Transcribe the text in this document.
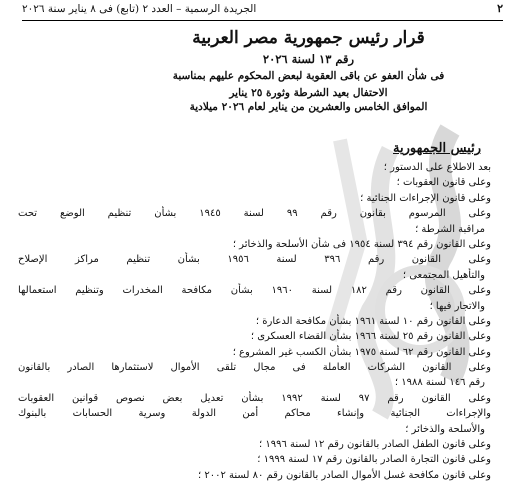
٢
الجريدة الرسمية – العدد ٢ (تابع) فى ٨ يناير سنة ٢٠٢٦
قرار رئيس جمهورية مصر العربية
رقم ١٣ لسنة ٢٠٢٦
فى شأن العفو عن باقى العقوبة لبعض المحكوم عليهم بمناسبة
الاحتفال بعيد الشرطة وثورة ٢٥ يناير
الموافق الخامس والعشرين من يناير لعام ٢٠٢٦ ميلادية
رئيس الجمهورية
بعد الاطلاع على الدستور ؛
وعلى قانون العقوبات ؛
وعلى قانون الإجراءات الجنائية ؛
وعلى المرسوم بقانون رقم ٩٩ لسنة ١٩٤٥ بشأن تنظيم الوضع تحت
مراقبة الشرطة ؛
وعلى القانون رقم ٣٩٤ لسنة ١٩٥٤ فى شأن الأسلحة والذخائر ؛
وعلى القانون رقم ٣٩٦ لسنة ١٩٥٦ بشأن تنظيم مراكز الإصلاح
والتأهيل المجتمعى ؛
وعلى القانون رقم ١٨٢ لسنة ١٩٦٠ بشأن مكافحة المخدرات وتنظيم استعمالها
والاتجار فيها ؛
وعلى القانون رقم ١٠ لسنة ١٩٦١ بشأن مكافحة الدعارة ؛
وعلى القانون رقم ٢٥ لسنة ١٩٦٦ بشأن القضاء العسكرى ؛
وعلى القانون رقم ٦٢ لسنة ١٩٧٥ بشأن الكسب غير المشروع ؛
وعلى القانون الشركات العاملة فى مجال تلقى الأموال لاستثمارها الصادر بالقانون
رقم ١٤٦ لسنة ١٩٨٨ ؛
وعلى القانون رقم ٩٧ لسنة ١٩٩٢ بشأن تعديل بعض نصوص قوانين العقوبات
والإجراءات الجنائية وإنشاء محاكم أمن الدولة وسرية الحسابات بالبنوك
والأسلحة والذخائر ؛
وعلى قانون الطفل الصادر بالقانون رقم ١٢ لسنة ١٩٩٦ ؛
وعلى قانون التجارة الصادر بالقانون رقم ١٧ لسنة ١٩٩٩ ؛
وعلى قانون مكافحة غسل الأموال الصادر بالقانون رقم ٨٠ لسنة ٢٠٠٢ ؛
